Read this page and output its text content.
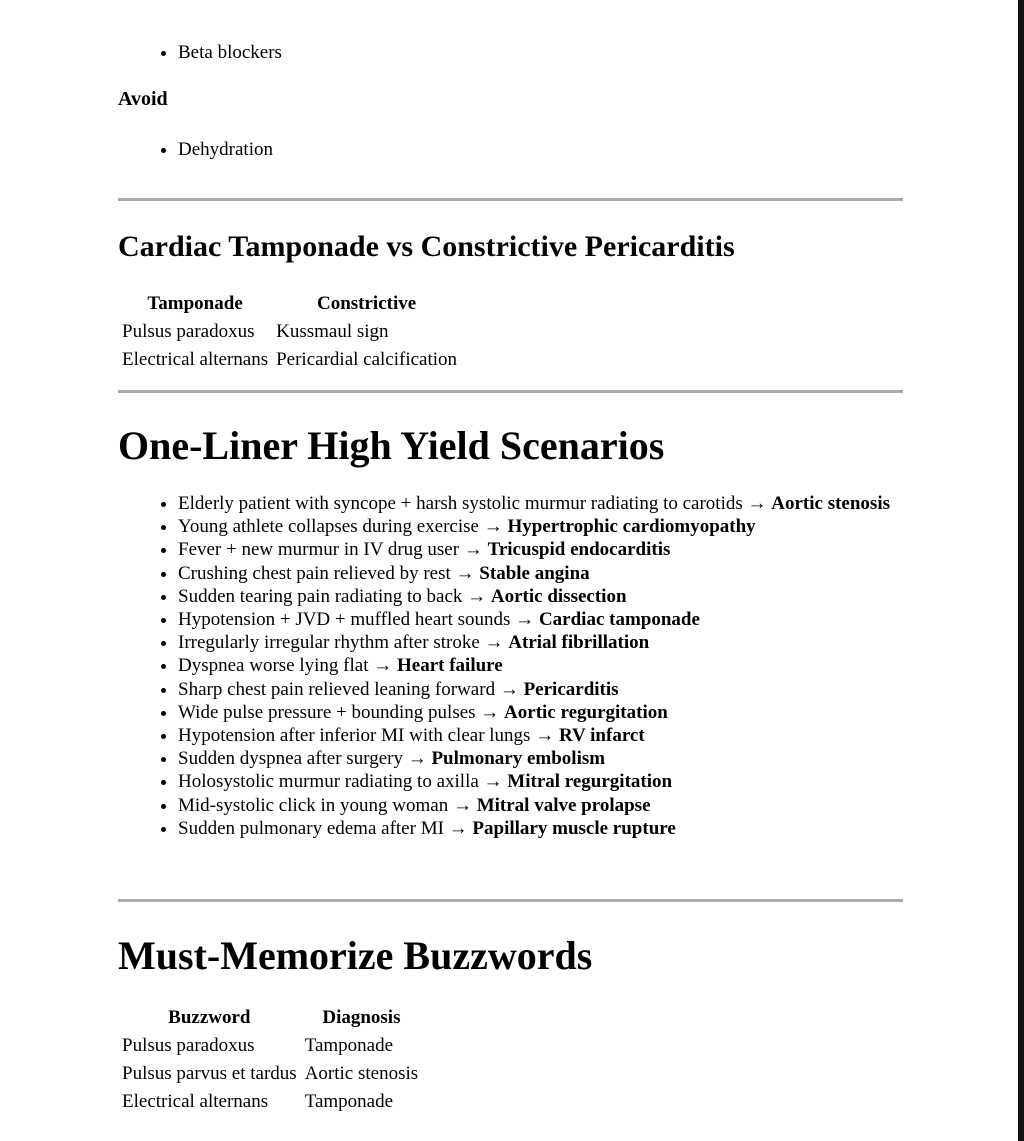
• Beta blockers
Avoid
• Dehydration
Cardiac Tamponade vs Constrictive Pericarditis
Tamponade	Constrictive
Pulsus paradoxus	Kussmaul sign
Electrical alternans	Pericardial calcification
One-Liner High Yield Scenarios
• Elderly patient with syncope + harsh systolic murmur radiating to carotids → Aortic stenosis
• Young athlete collapses during exercise → Hypertrophic cardiomyopathy
• Fever + new murmur in IV drug user → Tricuspid endocarditis
• Crushing chest pain relieved by rest → Stable angina
• Sudden tearing pain radiating to back → Aortic dissection
• Hypotension + JVD + muffled heart sounds → Cardiac tamponade
• Irregularly irregular rhythm after stroke → Atrial fibrillation
• Dyspnea worse lying flat → Heart failure
• Sharp chest pain relieved leaning forward → Pericarditis
• Wide pulse pressure + bounding pulses → Aortic regurgitation
• Hypotension after inferior MI with clear lungs → RV infarct
• Sudden dyspnea after surgery → Pulmonary embolism
• Holosystolic murmur radiating to axilla → Mitral regurgitation
• Mid-systolic click in young woman → Mitral valve prolapse
• Sudden pulmonary edema after MI → Papillary muscle rupture
Must-Memorize Buzzwords
Buzzword	Diagnosis
Pulsus paradoxus	Tamponade
Pulsus parvus et tardus	Aortic stenosis
Electrical alternans	Tamponade
